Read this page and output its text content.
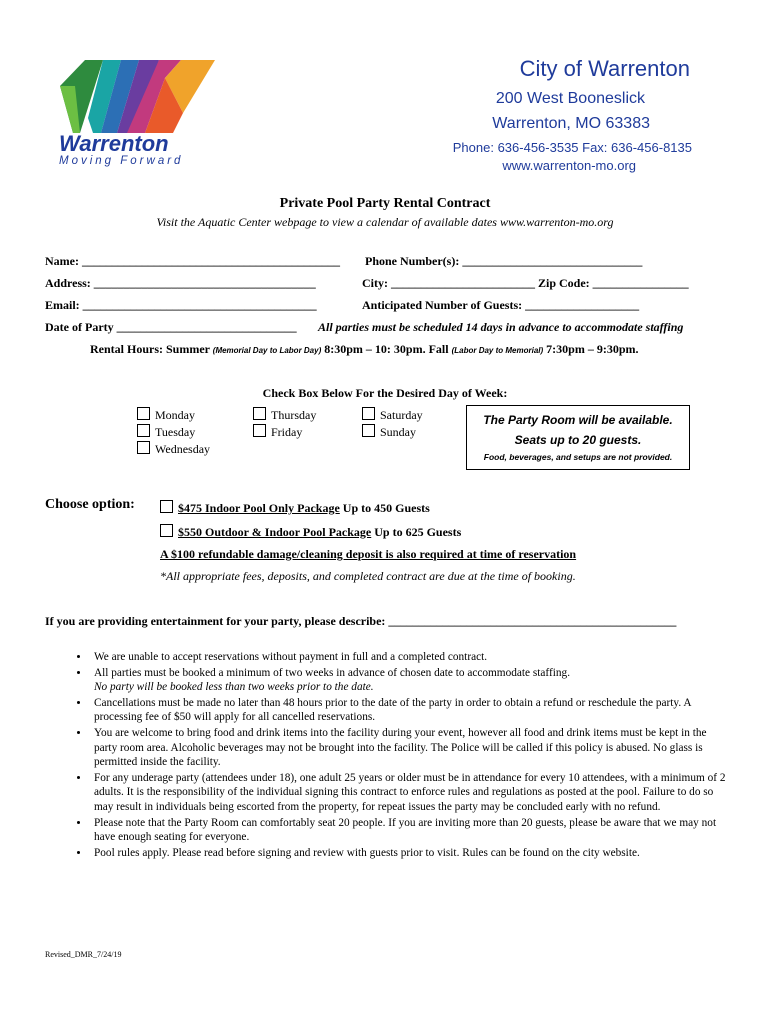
Warrenton
Moving Forward
City of Warrenton
200 West Booneslick
Warrenton, MO 63383
Phone: 636-456-3535 Fax: 636-456-8135
www.warrenton-mo.org
Private Pool Party Rental Contract
Visit the Aquatic Center webpage to view a calendar of available dates www.warrenton-mo.org
Name: ___________________________________________ Phone Number(s): ______________________________
Address: _____________________________________	City: ________________________ Zip Code: ________________
Email: _______________________________________	Anticipated Number of Guests: ___________________
Date of Party ______________________________ All parties must be scheduled 14 days in advance to accommodate staffing
Rental Hours: Summer (Memorial Day to Labor Day) 8:30pm – 10: 30pm. Fall (Labor Day to Memorial) 7:30pm – 9:30pm.
Check Box Below For the Desired Day of Week:
Monday
Tuesday
Wednesday
Thursday
Friday
Saturday
Sunday
The Party Room will be available.
Seats up to 20 guests.
Food, beverages, and setups are not provided.
Choose option:	$475 Indoor Pool Only Package Up to 450 Guests
$550 Outdoor & Indoor Pool Package Up to 625 Guests
A $100 refundable damage/cleaning deposit is also required at time of reservation
*All appropriate fees, deposits, and completed contract are due at the time of booking.
If you are providing entertainment for your party, please describe: ________________________________________________
• We are unable to accept reservations without payment in full and a completed contract.
• All parties must be booked a minimum of two weeks in advance of chosen date to accommodate staffing.
No party will be booked less than two weeks prior to the date.
• Cancellations must be made no later than 48 hours prior to the date of the party in order to obtain a refund or reschedule the party. A processing fee of $50 will apply for all cancelled reservations.
• You are welcome to bring food and drink items into the facility during your event, however all food and drink items must be kept in the party room area. Alcoholic beverages may not be brought into the facility. The Police will be called if this policy is abused. No glass is permitted inside the facility.
• For any underage party (attendees under 18), one adult 25 years or older must be in attendance for every 10 attendees, with a minimum of 2 adults. It is the responsibility of the individual signing this contract to enforce rules and regulations as posted at the pool. Failure to do so may result in individuals being escorted from the property, for repeat issues the party may be concluded early with no refund.
• Please note that the Party Room can comfortably seat 20 people. If you are inviting more than 20 guests, please be aware that we may not have enough seating for everyone.
• Pool rules apply. Please read before signing and review with guests prior to visit. Rules can be found on the city website.
Revised_DMR_7/24/19
